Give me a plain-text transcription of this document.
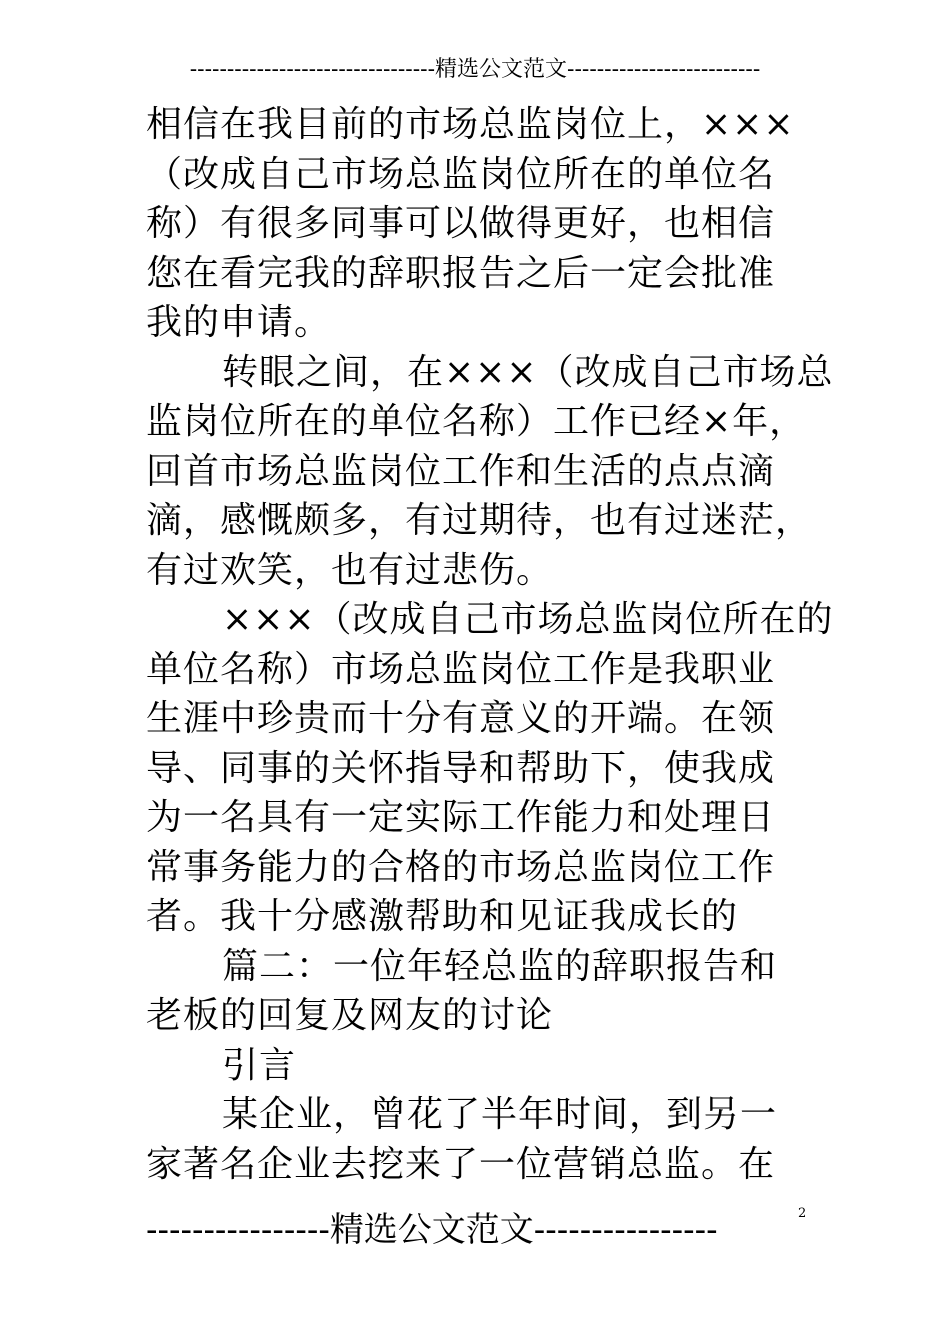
---------------------------------精选公文范文--------------------------
相信在我目前的市场总监岗位上，×××
（改成自己市场总监岗位所在的单位名
称）有很多同事可以做得更好，也相信
您在看完我的辞职报告之后一定会批准
我的申请。
转眼之间，在×××（改成自己市场总
监岗位所在的单位名称）工作已经×年，
回首市场总监岗位工作和生活的点点滴
滴，感慨颇多，有过期待，也有过迷茫，
有过欢笑，也有过悲伤。
×××（改成自己市场总监岗位所在的
单位名称）市场总监岗位工作是我职业
生涯中珍贵而十分有意义的开端。在领
导、同事的关怀指导和帮助下，使我成
为一名具有一定实际工作能力和处理日
常事务能力的合格的市场总监岗位工作
者。我十分感激帮助和见证我成长的
篇二：一位年轻总监的辞职报告和
老板的回复及网友的讨论
引言
某企业，曾花了半年时间，到另一
家著名企业去挖来了一位营销总监。在
2
----------------精选公文范文----------------
